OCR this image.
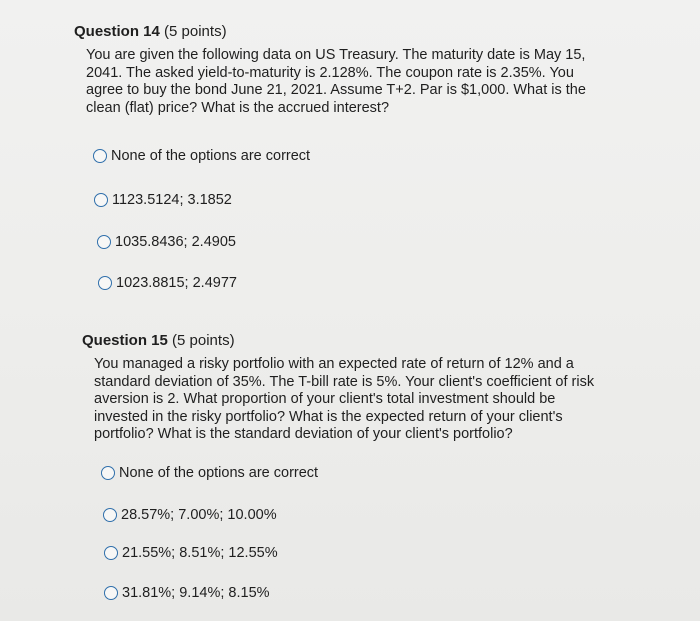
Question 14 (5 points)
You are given the following data on US Treasury. The maturity date is May 15, 2041. The asked yield-to-maturity is 2.128%. The coupon rate is 2.35%. You agree to buy the bond June 21, 2021. Assume T+2. Par is $1,000. What is the clean (flat) price? What is the accrued interest?
None of the options are correct
1123.5124; 3.1852
1035.8436; 2.4905
1023.8815; 2.4977
Question 15 (5 points)
You managed a risky portfolio with an expected rate of return of 12% and a standard deviation of 35%. The T-bill rate is 5%. Your client's coefficient of risk aversion is 2. What proportion of your client's total investment should be invested in the risky portfolio? What is the expected return of your client's portfolio? What is the standard deviation of your client's portfolio?
None of the options are correct
28.57%; 7.00%; 10.00%
21.55%; 8.51%; 12.55%
31.81%; 9.14%; 8.15%
